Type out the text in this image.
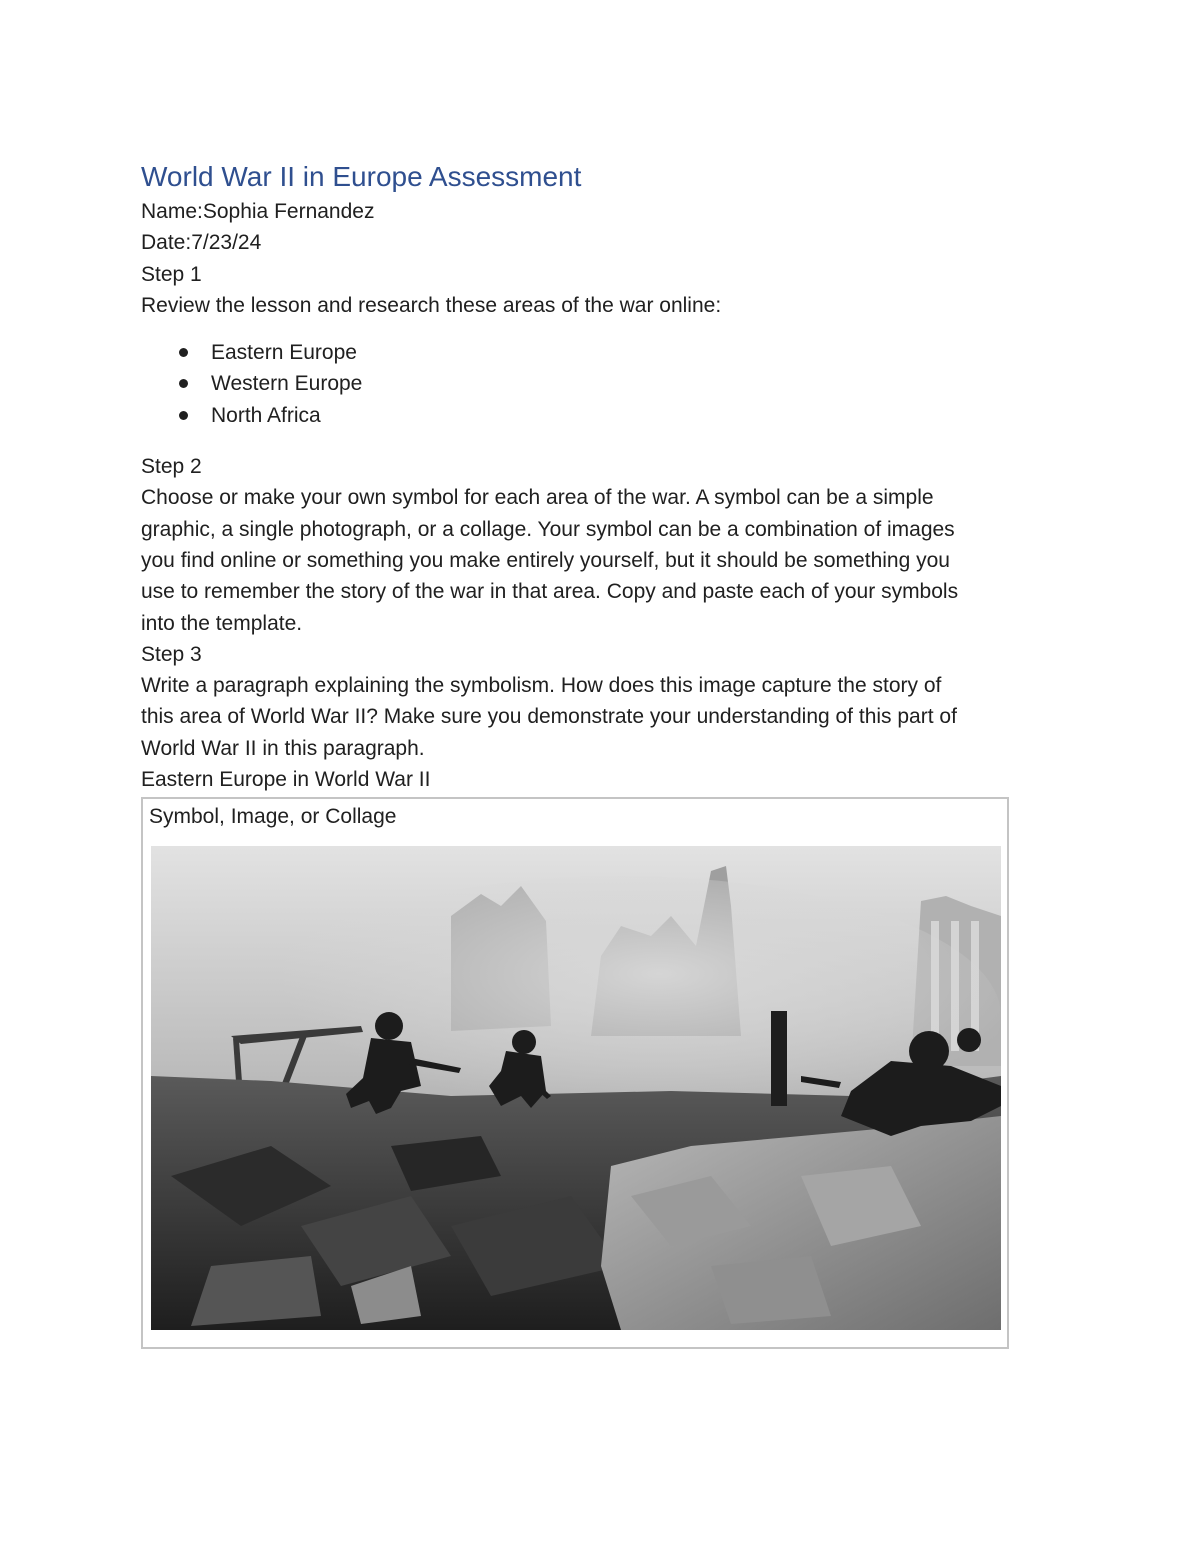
World War II in Europe Assessment

Name:Sophia Fernandez

Date:7/23/24

Step 1

Review the lesson and research these areas of the war online:

Eastern Europe
Western Europe
North Africa

Step 2

Choose or make your own symbol for each area of the war. A symbol can be a simple

graphic, a single photograph, or a collage. Your symbol can be a combination of images

you find online or something you make entirely yourself, but it should be something you

use to remember the story of the war in that area. Copy and paste each of your symbols

into the template.

Step 3

Write a paragraph explaining the symbolism. How does this image capture the story of

this area of World War II? Make sure you demonstrate your understanding of this part of

World War II in this paragraph.

Eastern Europe in World War II

Symbol, Image, or Collage
